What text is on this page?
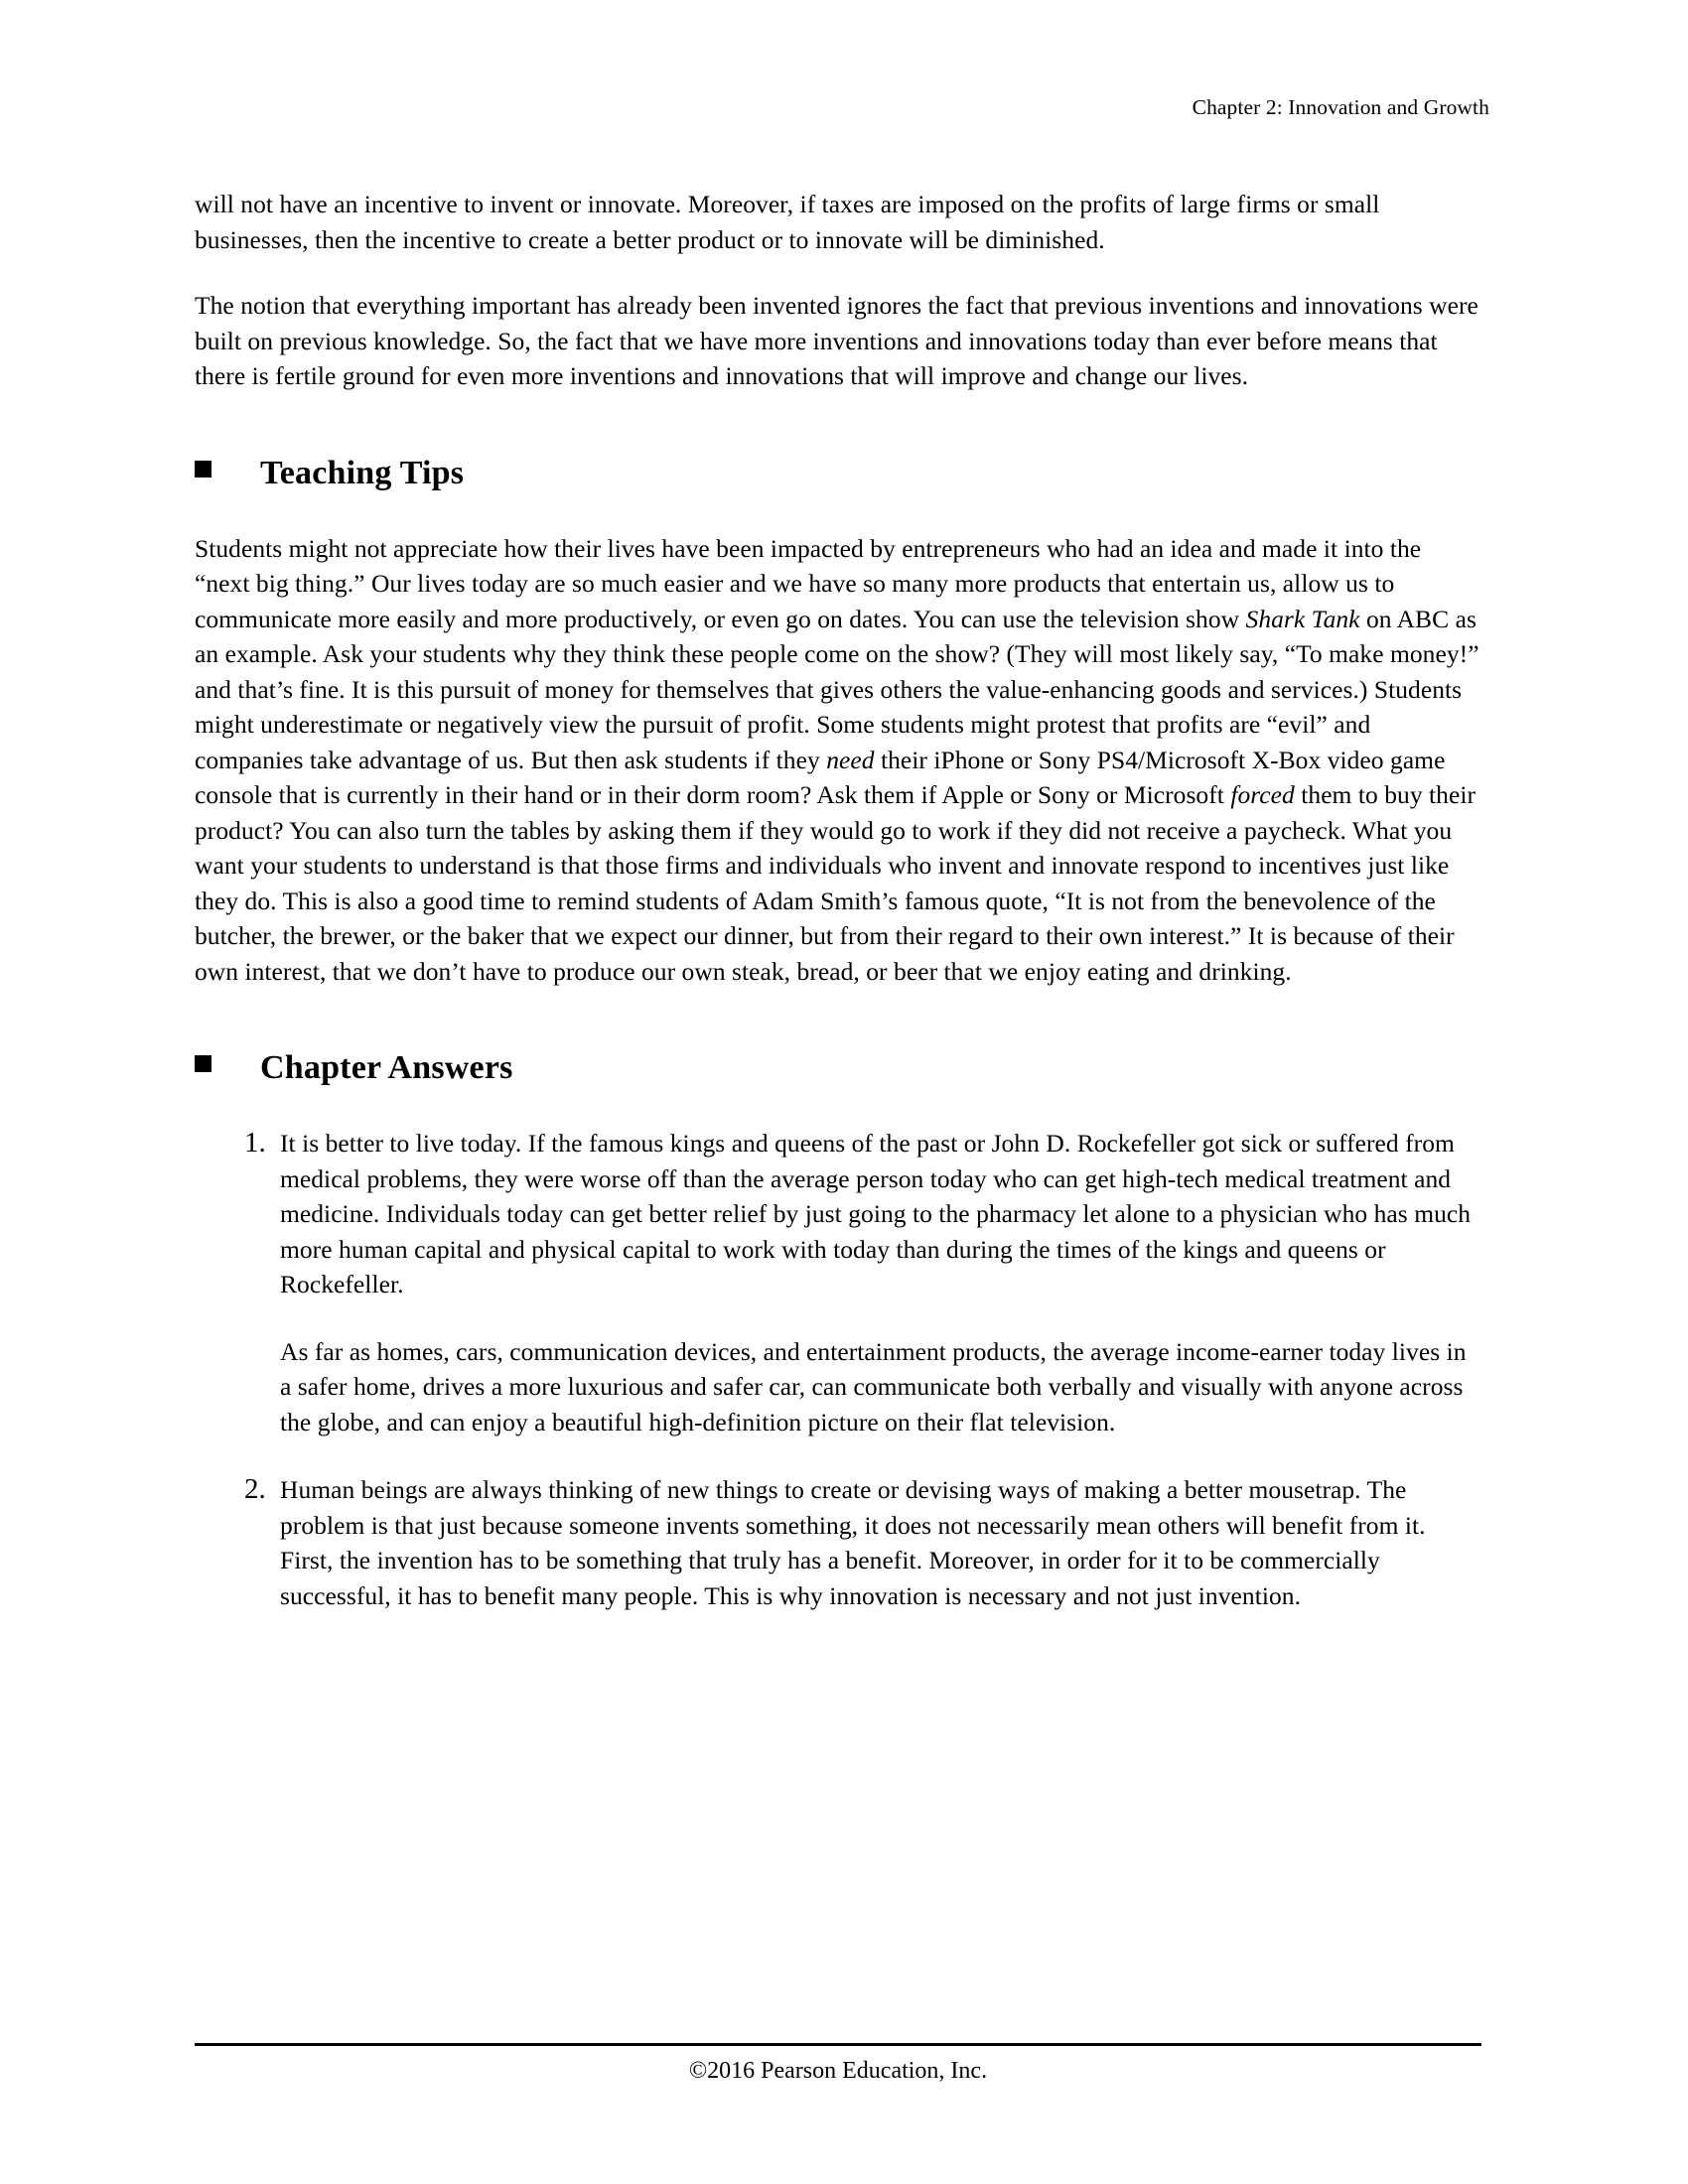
Chapter 2: Innovation and Growth

will not have an incentive to invent or innovate. Moreover, if taxes are imposed on the profits of large firms or small businesses, then the incentive to create a better product or to innovate will be diminished.

The notion that everything important has already been invented ignores the fact that previous inventions and innovations were built on previous knowledge. So, the fact that we have more inventions and innovations today than ever before means that there is fertile ground for even more inventions and innovations that will improve and change our lives.

Teaching Tips

Students might not appreciate how their lives have been impacted by entrepreneurs who had an idea and made it into the “next big thing.” Our lives today are so much easier and we have so many more products that entertain us, allow us to communicate more easily and more productively, or even go on dates. You can use the television show Shark Tank on ABC as an example. Ask your students why they think these people come on the show? (They will most likely say, “To make money!” and that’s fine. It is this pursuit of money for themselves that gives others the value-enhancing goods and services.) Students might underestimate or negatively view the pursuit of profit. Some students might protest that profits are “evil” and companies take advantage of us. But then ask students if they need their iPhone or Sony PS4/Microsoft X-Box video game console that is currently in their hand or in their dorm room? Ask them if Apple or Sony or Microsoft forced them to buy their product? You can also turn the tables by asking them if they would go to work if they did not receive a paycheck. What you want your students to understand is that those firms and individuals who invent and innovate respond to incentives just like they do. This is also a good time to remind students of Adam Smith’s famous quote, “It is not from the benevolence of the butcher, the brewer, or the baker that we expect our dinner, but from their regard to their own interest.” It is because of their own interest, that we don’t have to produce our own steak, bread, or beer that we enjoy eating and drinking.

Chapter Answers
1. It is better to live today. If the famous kings and queens of the past or John D. Rockefeller got sick or suffered from medical problems, they were worse off than the average person today who can get high-tech medical treatment and medicine. Individuals today can get better relief by just going to the pharmacy let alone to a physician who has much more human capital and physical capital to work with today than during the times of the kings and queens or Rockefeller.

As far as homes, cars, communication devices, and entertainment products, the average income-earner today lives in a safer home, drives a more luxurious and safer car, can communicate both verbally and visually with anyone across the globe, and can enjoy a beautiful high-definition picture on their flat television.

2. Human beings are always thinking of new things to create or devising ways of making a better mousetrap. The problem is that just because someone invents something, it does not necessarily mean others will benefit from it. First, the invention has to be something that truly has a benefit. Moreover, in order for it to be commercially successful, it has to benefit many people. This is why innovation is necessary and not just invention.

©2016 Pearson Education, Inc.
